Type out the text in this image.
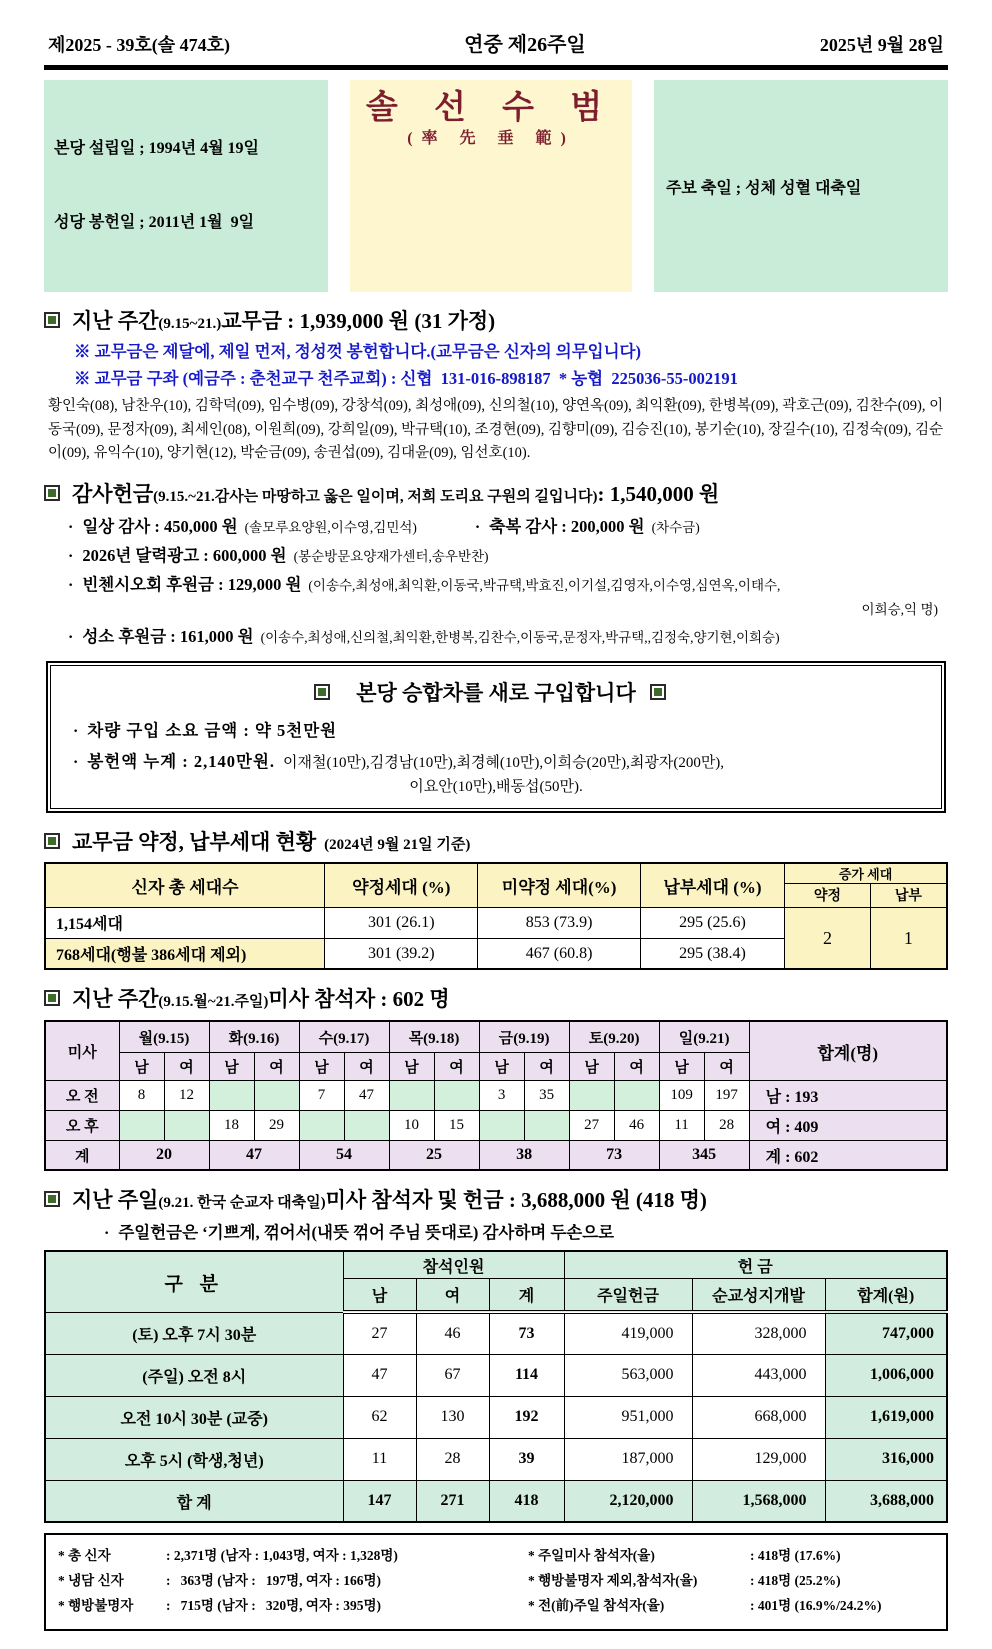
제2025 - 39호(솔 474호)	연중 제26주일	2025년 9월 28일

본당 설립일 ; 1994년 4월 19일

성당 봉헌일 ; 2011년 1월  9일

솔 선 수 범
(率 先 垂 範)
주보 축일 ; 성체 성혈 대축일
지난 주간 (9.15~21.) 교무금 : 1,939,000 원 (31 가정)
※ 교무금은 제달에, 제일 먼저, 정성껏 봉헌합니다.(교무금은 신자의 의무입니다)
※ 교무금 구좌 (예금주 : 춘천교구 천주교회) : 신협  131-016-898187  * 농협  225036-55-002191
황인숙(08), 남찬우(10), 김학덕(09), 임수병(09), 강창석(09), 최성애(09), 신의철(10), 양연옥(09), 최익환(09), 한병복(09), 곽호근(09), 김찬수(09), 이동국(09), 문정자(09), 최세인(08), 이원희(09), 강희일(09), 박규택(10), 조경현(09), 김향미(09), 김승진(10), 봉기순(10), 장길수(10), 김정숙(09), 김순이(09), 유익수(10), 양기현(12), 박순금(09), 송권섭(09), 김대윤(09), 임선호(10).
감사헌금 (9.15.~21.감사는 마땅하고 옳은 일이며, 저희 도리요 구원의 길입니다) : 1,540,000 원
·
일상 감사 : 450,000 원 (솔모루요양원,이수영,김민석) ·	축복 감사 : 200,000 원 (차수금)
·
2026년 달력광고 : 600,000 원 (봉순방문요양재가센터,송우반찬)
·
빈첸시오회 후원금 : 129,000 원 (이송수,최성애,최익환,이동국,박규택,박효진,이기설,김영자,이수영,심연옥,이태수,
이희승,익 명)
·
성소 후원금 : 161,000 원 (이송수,최성애,신의철,최익환,한병복,김찬수,이동국,문정자,박규택,,김정숙,양기현,이희승)
본당 승합차를 새로 구입합니다
·
차량 구입 소요 금액 : 약 5천만원
·
봉헌액 누계 : 2,140만원. 이재철(10만),김경남(10만),최경혜(10만),이희승(20만),최광자(200만),
이요안(10만),배동섭(50만).
교무금 약정, 납부세대 현황 (2024년 9월 21일 기준)
신자 총 세대수	약정세대 (%)	미약정 세대(%)	납부세대 (%)	증가 세대	
				약정	납부
1,154세대	301 (26.1)	853 (73.9)	295 (25.6)	2	1
768세대(행불 386세대 제외)	301 (39.2)	467 (60.8)	295 (38.4)		
지난 주간 (9.15.월~21.주일) 미사 참석자 : 602 명
미사	월(9.15)		화(9.16)		수(9.17)		목(9.18)		금(9.19)		토(9.20)		일(9.21)		합계(명)
	남	여	남	여	남	여	남	여	남	여	남	여	남	여	
오 전	8	12			7	47			3	35			109	197	남 : 193
오 후			18	29			10	15			27	46	11	28	여 : 409
계	20		47		54		25		38		73		345		계 : 602
지난 주일 (9.21. 한국 순교자 대축일) 미사 참석자 및 헌금 : 3,688,000 원 (418 명)
·
주일헌금은 ‘기쁘게, 꺾어서(내뜻 꺾어 주님 뜻대로) 감사하며 두손으로
구 분	참석인원			헌 금		
	남	여	계	주일헌금	순교성지개발	합계(원)
(토) 오후 7시 30분	27	46	73	419,000	328,000	747,000
(주일) 오전 8시	47	67	114	563,000	443,000	1,006,000
오전 10시 30분 (교중)	62	130	192	951,000	668,000	1,619,000
오후 5시 (학생,청년)	11	28	39	187,000	129,000	316,000
합 계	147	271	418	2,120,000	1,568,000	3,688,000
* 총 신자	: 2,371명 (남자 : 1,043명, 여자 : 1,328명)	* 주일미사 참석자(율)	: 418명 (17.6%)
* 냉담 신자	:   363명 (남자 :   197명, 여자 : 166명)	* 행방불명자 제외,참석자(율)	: 418명 (25.2%)
* 행방불명자	:   715명 (남자 :   320명, 여자 : 395명)	* 전(前)주일 참석자(율)	: 401명 (16.9%/24.2%)
